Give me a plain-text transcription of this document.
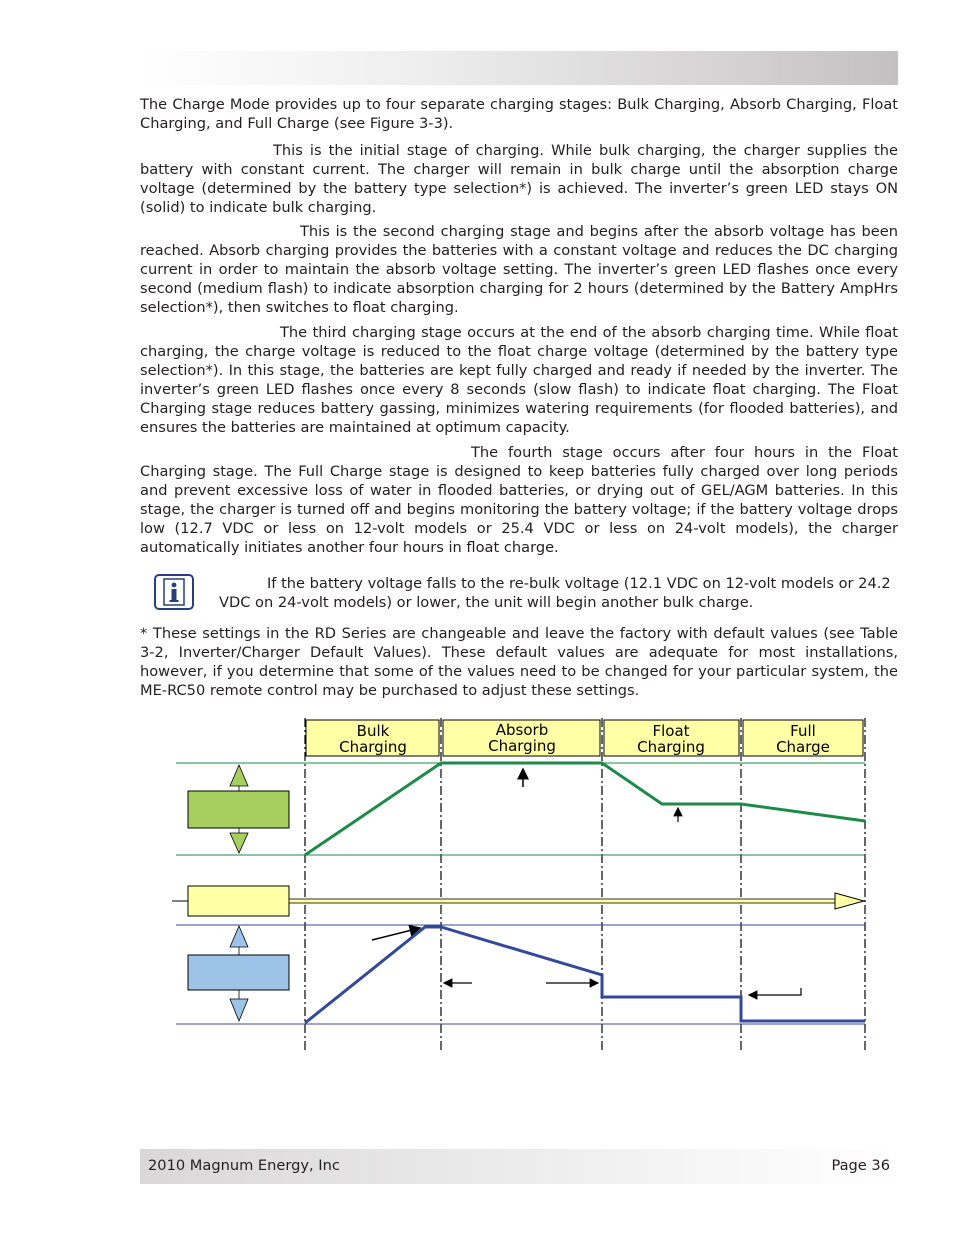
The Charge Mode provides up to four separate charging stages: Bulk Charging, Absorb Charging, Float Charging, and Full Charge (see Figure 3-3).

This is the initial stage of charging. While bulk charging, the charger supplies the battery with constant current. The charger will remain in bulk charge until the absorption charge voltage (determined by the battery type selection*) is achieved. The inverter’s green LED stays ON (solid) to indicate bulk charging.

This is the second charging stage and begins after the absorb voltage has been reached. Absorb charging provides the batteries with a constant voltage and reduces the DC charging current in order to maintain the absorb voltage setting. The inverter’s green LED flashes once every second (medium flash) to indicate absorption charging for 2 hours (determined by the Battery AmpHrs selection*), then switches to float charging.

The third charging stage occurs at the end of the absorb charging time. While float charging, the charge voltage is reduced to the float charge voltage (determined by the battery type selection*). In this stage, the batteries are kept fully charged and ready if needed by the inverter. The inverter’s green LED flashes once every 8 seconds (slow flash) to indicate float charging. The Float Charging stage reduces battery gassing, minimizes watering requirements (for flooded batteries), and ensures the batteries are maintained at optimum capacity.

The fourth stage occurs after four hours in the Float Charging stage. The Full Charge stage is designed to keep batteries fully charged over long periods and prevent excessive loss of water in flooded batteries, or drying out of GEL/AGM batteries. In this stage, the charger is turned off and begins monitoring the battery voltage; if the battery voltage drops low (12.7 VDC or less on 12-volt models or 25.4 VDC or less on 24-volt models), the charger automatically initiates another four hours in float charge.

If the battery voltage falls to the re-bulk voltage (12.1 VDC on 12-volt models or 24.2 VDC on 24-volt models) or lower, the unit will begin another bulk charge.

* These settings in the RD Series are changeable and leave the factory with default values (see Table 3-2, Inverter/Charger Default Values). These default values are adequate for most installations, however, if you determine that some of the values need to be changed for your particular system, the ME-RC50 remote control may be purchased to adjust these settings.

Bulk
Charging
Absorb
Charging
Float
Charging
Full
Charge
2010 Magnum Energy, Inc	Page 36
